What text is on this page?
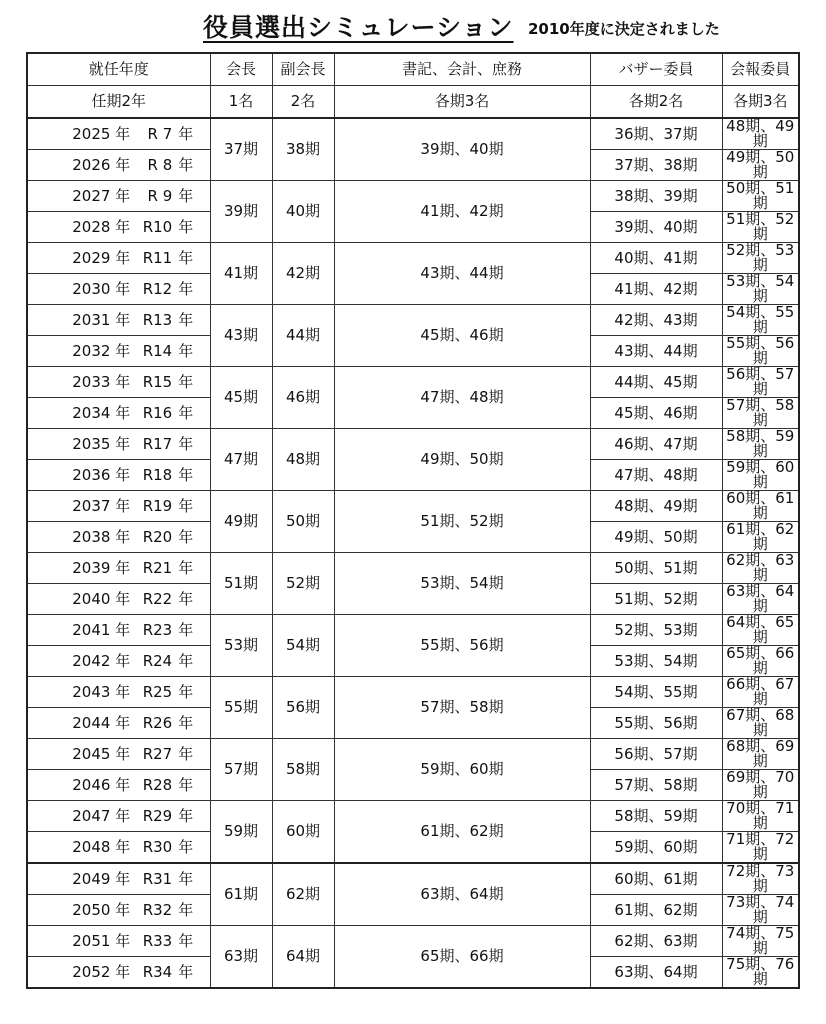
役員選出シミュレーション 2010年度に決定されました
就任年度	会長	副会長	書記、会計、庶務	バザー委員	会報委員
任期2年	1名	2名	各期3名	各期2名	各期3名
2025 年 R 7 年	37期	38期	39期、40期	36期、37期	48期、49期
2026 年 R 8 年				37期、38期	49期、50期
2027 年 R 9 年	39期	40期	41期、42期	38期、39期	50期、51期
2028 年 R10 年				39期、40期	51期、52期
2029 年 R11 年	41期	42期	43期、44期	40期、41期	52期、53期
2030 年 R12 年				41期、42期	53期、54期
2031 年 R13 年	43期	44期	45期、46期	42期、43期	54期、55期
2032 年 R14 年				43期、44期	55期、56期
2033 年 R15 年	45期	46期	47期、48期	44期、45期	56期、57期
2034 年 R16 年				45期、46期	57期、58期
2035 年 R17 年	47期	48期	49期、50期	46期、47期	58期、59期
2036 年 R18 年				47期、48期	59期、60期
2037 年 R19 年	49期	50期	51期、52期	48期、49期	60期、61期
2038 年 R20 年				49期、50期	61期、62期
2039 年 R21 年	51期	52期	53期、54期	50期、51期	62期、63期
2040 年 R22 年				51期、52期	63期、64期
2041 年 R23 年	53期	54期	55期、56期	52期、53期	64期、65期
2042 年 R24 年				53期、54期	65期、66期
2043 年 R25 年	55期	56期	57期、58期	54期、55期	66期、67期
2044 年 R26 年				55期、56期	67期、68期
2045 年 R27 年	57期	58期	59期、60期	56期、57期	68期、69期
2046 年 R28 年				57期、58期	69期、70期
2047 年 R29 年	59期	60期	61期、62期	58期、59期	70期、71期
2048 年 R30 年				59期、60期	71期、72期
2049 年 R31 年	61期	62期	63期、64期	60期、61期	72期、73期
2050 年 R32 年				61期、62期	73期、74期
2051 年 R33 年	63期	64期	65期、66期	62期、63期	74期、75期
2052 年 R34 年				63期、64期	75期、76期
